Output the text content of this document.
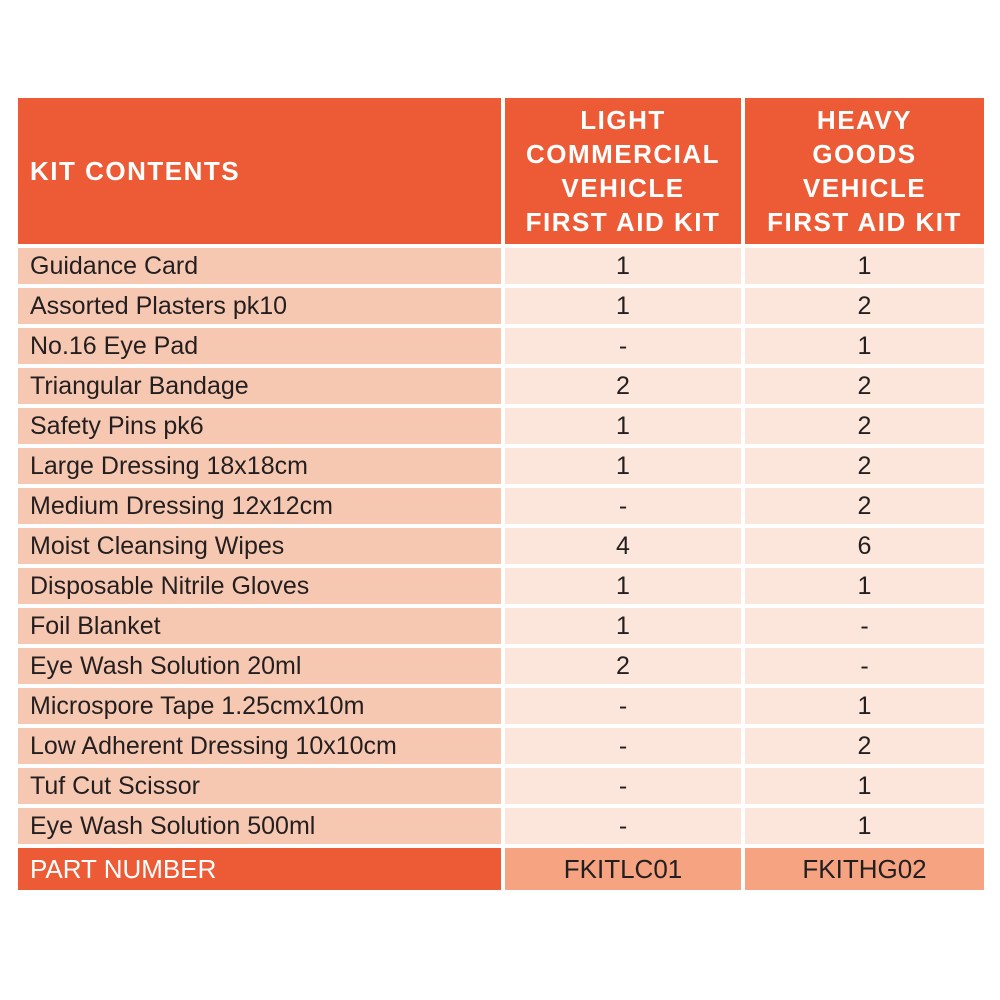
KIT CONTENTS	LIGHT
COMMERCIAL
VEHICLE
FIRST AID KIT	HEAVY
GOODS
VEHICLE
FIRST AID KIT

Guidance Card	1	1
Assorted Plasters pk10	1	2
No.16 Eye Pad	-	1
Triangular Bandage	2	2
Safety Pins pk6	1	2
Large Dressing 18x18cm	1	2
Medium Dressing 12x12cm	-	2
Moist Cleansing Wipes	4	6
Disposable Nitrile Gloves	1	1
Foil Blanket	1	-
Eye Wash Solution 20ml	2	-
Microspore Tape 1.25cmx10m	-	1
Low Adherent Dressing 10x10cm	-	2
Tuf Cut Scissor	-	1
Eye Wash Solution 500ml	-	1
PART NUMBER	FKITLC01	FKITHG02
